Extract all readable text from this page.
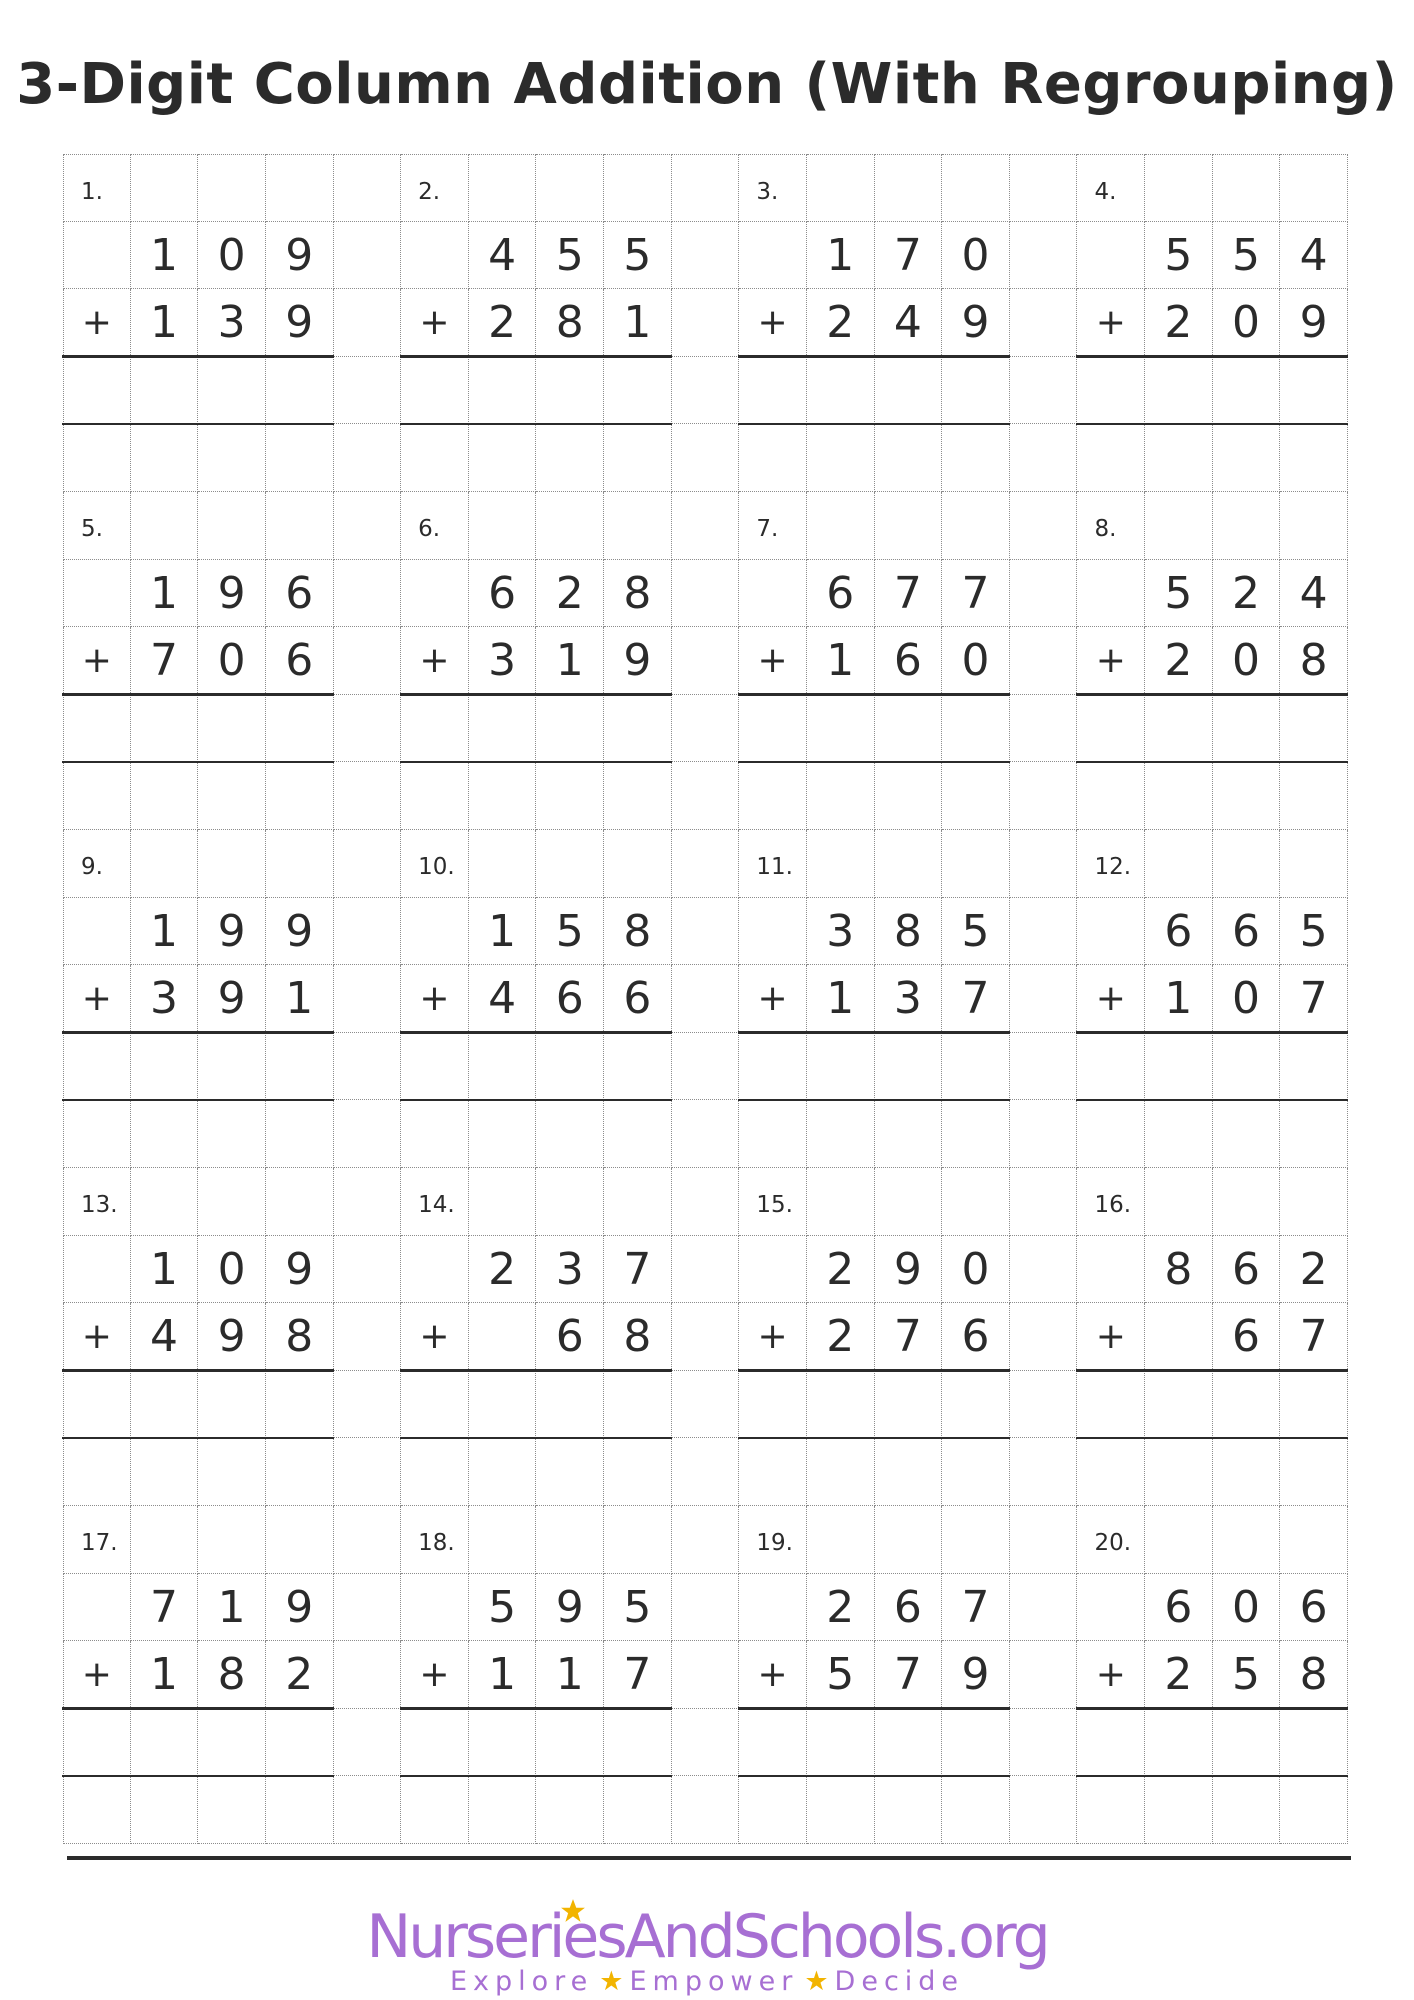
3-Digit Column Addition (With Regrouping)
1.
1 0 9
+ 1 3 9
2.
4 5 5
+ 2 8 1
3.
1 7 0
+ 2 4 9
4.
5 5 4
+ 2 0 9
5.
1 9 6
+ 7 0 6
6.
6 2 8
+ 3 1 9
7.
6 7 7
+ 1 6 0
8.
5 2 4
+ 2 0 8
9.
1 9 9
+ 3 9 1
10.
1 5 8
+ 4 6 6
11.
3 8 5
+ 1 3 7
12.
6 6 5
+ 1 0 7
13.
1 0 9
+ 4 9 8
14.
2 3 7
+	6 8
15.
2 9 0
+ 2 7 6
16.
8 6 2
+	6 7
17.
7 1 9
+ 1 8 2
18.
5 9 5
+ 1 1 7
19.
2 6 7
+ 5 7 9
20.
6 0 6
+ 2 5 8
NurseriesAndSchools.org
Explore ★ Empower ★ Decide
